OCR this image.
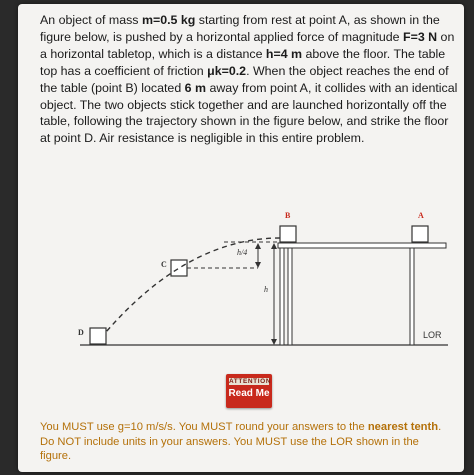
An object of mass m=0.5 kg starting from rest at point A, as shown in the figure below, is pushed by a horizontal applied force of magnitude F=3 N on a horizontal tabletop, which is a distance h=4 m above the floor. The table top has a coefficient of friction μk=0.2. When the object reaches the end of the table (point B) located 6 m away from point A, it collides with an identical object. The two objects stick together and are launched horizontally off the table, following the trajectory shown in the figure below, and strike the floor at point D. Air resistance is negligible in this entire problem.
B	A
C
D
h/4
h
LOR
ATTENTION
Read Me
You MUST use g=10 m/s/s. You MUST round your answers to the nearest tenth. Do NOT include units in your answers. You MUST use the LOR shown in the figure.
